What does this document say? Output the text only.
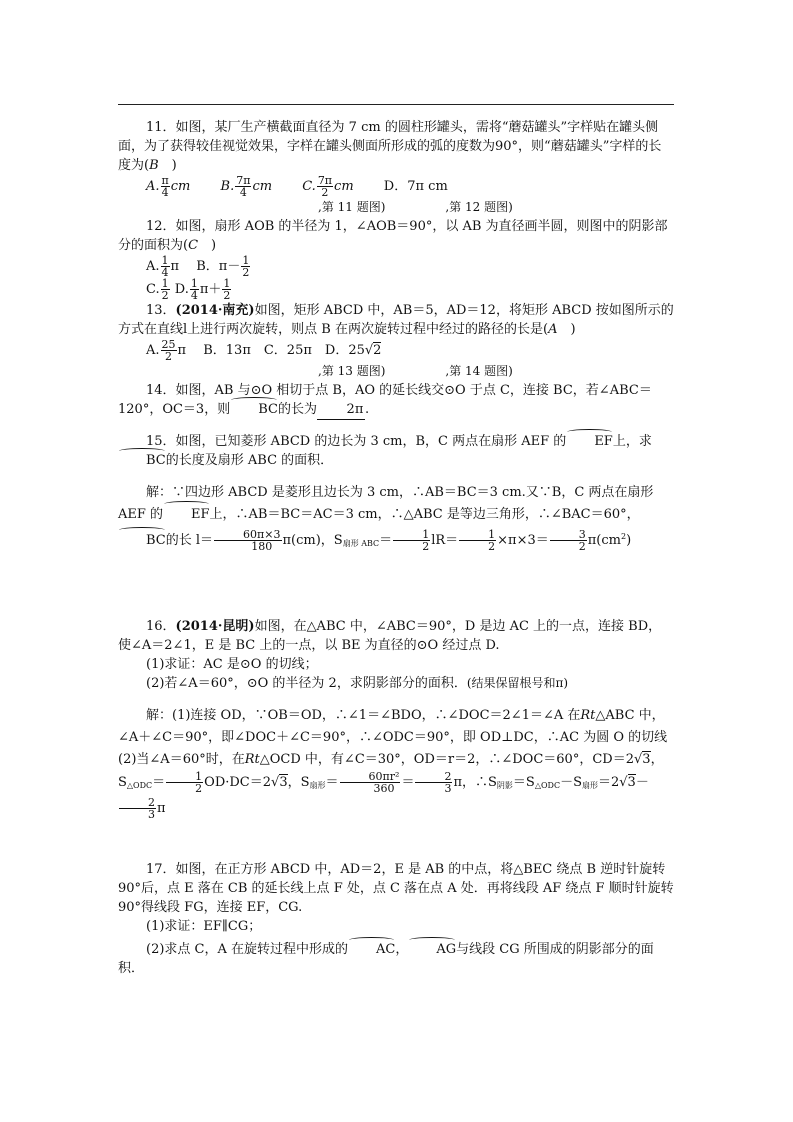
11．如图，某厂生产横截面直径为 7 cm 的圆柱形罐头，需将“蘑菇罐头”字样贴在罐头侧面，为了获得较佳视觉效果，字样在罐头侧面所形成的弧的度数为90°，则“蘑菇罐头”字样的长度为(B　 )

A. $\frac{\pi}{4}$ cm 　　 B. $\frac{7\pi}{4}$ cm 　　 C. $\frac{7\pi}{2}$ cm 　　 D．7π cm

,第 11 题图)　　　　　	,第 12 题图)

12．如图，扇形 AOB 的半径为 1，∠AOB＝90°，以 AB 为直径画半圆，则图中的阴影部分的面积为(C　 )

A. $\frac{1}{4}$ π 　 B．$\pi- \frac{1}{2}$

C. $\frac{1}{2} D$. $\frac{1}{4} \pi+ \frac{1}{2}$

13．(2014·南充)如图，矩形 ABCD 中，AB＝5，AD＝12，将矩形 ABCD 按如图所示的方式在直线l上进行两次旋转，则点 B 在两次旋转过程中经过的路径的长是(A　 )

A. $\frac{25}{2}$ π 　 B．13π　C．25π　D．25√ 2

,第 13 题图)　　　　　	,第 14 题图)

14．如图，AB 与⊙O 相切于点 B，AO 的延长线交⊙O 于点 C，连接 BC，若∠ABC＝120°，OC＝3，则 BC的长为 2π .

15．如图，已知菱形 ABCD 的边长为 3 cm，B，C 两点在扇形 AEF 的 EF上，求BC的长度及扇形 ABC 的面积．

解：∵四边形 ABCD 是菱形且边长为 3 cm，∴AB＝BC＝3 cm.又∵B，C 两点在扇形 AEF 的 EF上，∴AB＝BC＝AC＝3 cm，∴△ABC 是等边三角形，∴∠BAC＝60°，BC的长 $l= \frac{60\pi\times 3}{180} \pi(cm)$，$S_{扇形 ABC}= \frac{1}{2} lR= \frac{1}{2} \times\pi\times 3= \frac{3}{2} \pi(cm^2)$

16．(2014·昆明)如图，在△ABC 中，∠ABC＝90°，D 是边 AC 上的一点，连接 BD，使∠A＝2∠1，E 是 BC 上的一点，以 BE 为直径的⊙O 经过点 D.

(1)求证：AC 是⊙O 的切线；

(2)若∠A＝60°，⊙O 的半径为 2，求阴影部分的面积．(结果保留根号和π)

解：(1)连接 OD，∵OB＝OD，∴∠1＝∠BDO，∴∠DOC＝2∠1＝∠A 在Rt△ABC 中，∠A＋∠C＝90°，即∠DOC＋∠C＝90°，∴∠ODC＝90°，即 OD⊥DC，∴AC 为圆 O 的切线　(2)当∠A＝60°时，在Rt△OCD 中，有∠C＝30°，OD＝r＝2，∴∠DOC＝60°，CD＝2√ 3，$S_{\triangle ODC}= \frac{1}{2} OD\cdot DC=2√$ 3，$S_{扇形}= \frac{\text{60πr²}}{360} = \frac{2}{3}$ π，$\therefore S_{阴影}=S_{\triangle ODC}-S_{扇形}=2√$ 3－
$\frac{2}{3}$ π

17．如图，在正方形 ABCD 中，AD＝2，E 是 AB 的中点，将△BEC 绕点 B 逆时针旋转90°后，点 E 落在 CB 的延长线上点 F 处，点 C 落在点 A 处．再将线段 AF 绕点 F 顺时针旋转90°得线段 FG，连接 EF，CG.

(1)求证：EF∥CG；

(2)求点 C，A 在旋转过程中形成的 AC， AG与线段 CG 所围成的阴影部分的面积．
